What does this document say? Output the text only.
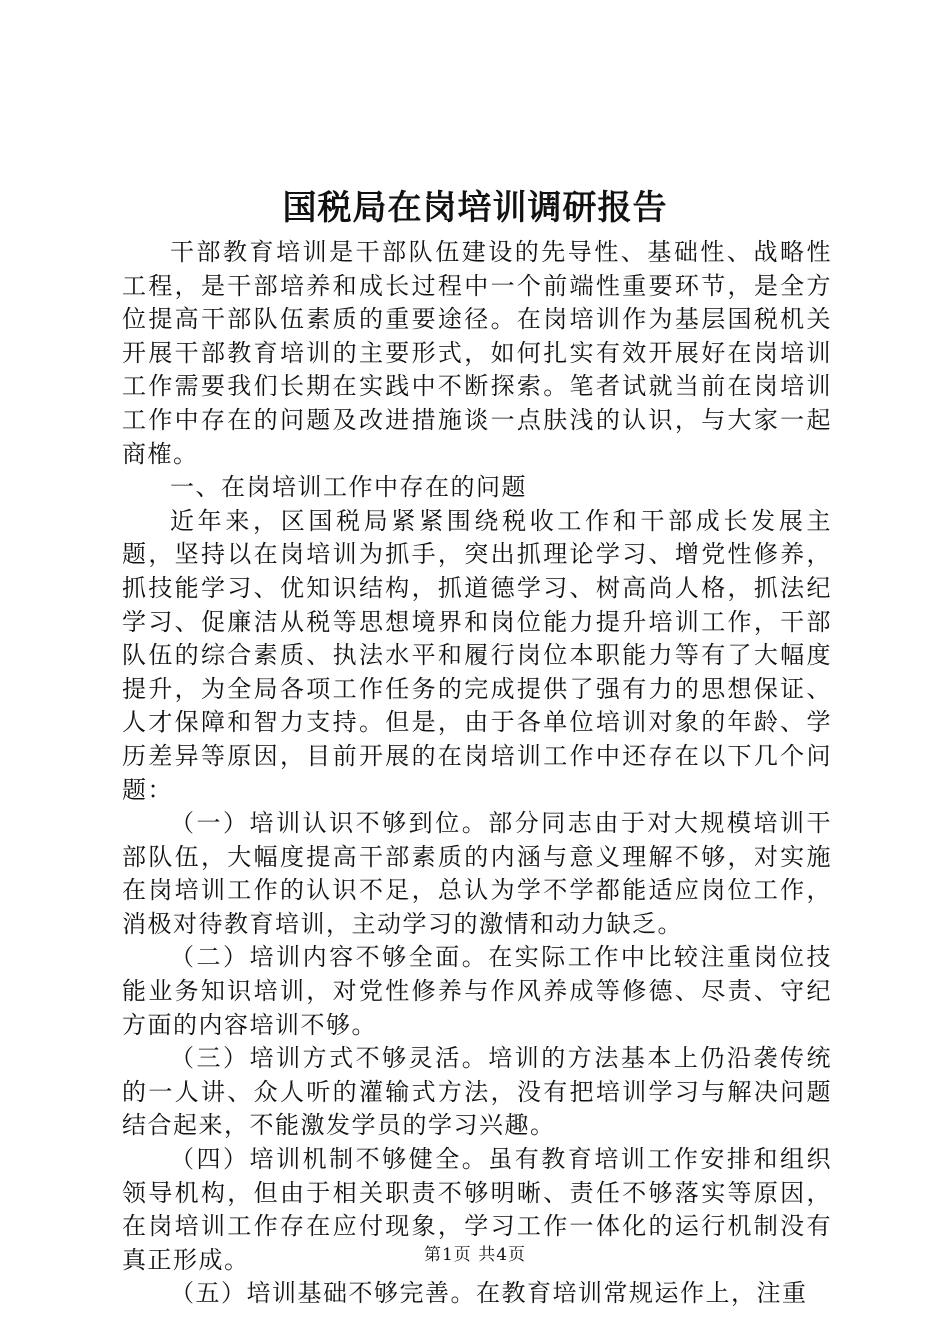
国税局在岗培训调研报告

干部教育培训是干部队伍建设的先导性、基础性、战略性工程，是干部培养和成长过程中一个前端性重要环节，是全方位提高干部队伍素质的重要途径。在岗培训作为基层国税机关开展干部教育培训的主要形式，如何扎实有效开展好在岗培训工作需要我们长期在实践中不断探索。笔者试就当前在岗培训工作中存在的问题及改进措施谈一点肤浅的认识，与大家一起商榷。

一、在岗培训工作中存在的问题

近年来，区国税局紧紧围绕税收工作和干部成长发展主题，坚持以在岗培训为抓手，突出抓理论学习、增党性修养，抓技能学习、优知识结构，抓道德学习、树高尚人格，抓法纪学习、促廉洁从税等思想境界和岗位能力提升培训工作，干部队伍的综合素质、执法水平和履行岗位本职能力等有了大幅度提升，为全局各项工作任务的完成提供了强有力的思想保证、人才保障和智力支持。但是，由于各单位培训对象的年龄、学历差异等原因，目前开展的在岗培训工作中还存在以下几个问题：

（一）培训认识不够到位。部分同志由于对大规模培训干部队伍，大幅度提高干部素质的内涵与意义理解不够，对实施在岗培训工作的认识不足，总认为学不学都能适应岗位工作，消极对待教育培训，主动学习的激情和动力缺乏。

（二）培训内容不够全面。在实际工作中比较注重岗位技能业务知识培训，对党性修养与作风养成等修德、尽责、守纪方面的内容培训不够。

（三）培训方式不够灵活。培训的方法基本上仍沿袭传统的一人讲、众人听的灌输式方法，没有把培训学习与解决问题结合起来，不能激发学员的学习兴趣。

（四）培训机制不够健全。虽有教育培训工作安排和组织领导机构，但由于相关职责不够明晰、责任不够落实等原因，在岗培训工作存在应付现象，学习工作一体化的运行机制没有真正形成。

（五）培训基础不够完善。在教育培训常规运作上，注重

第1页 共4页
